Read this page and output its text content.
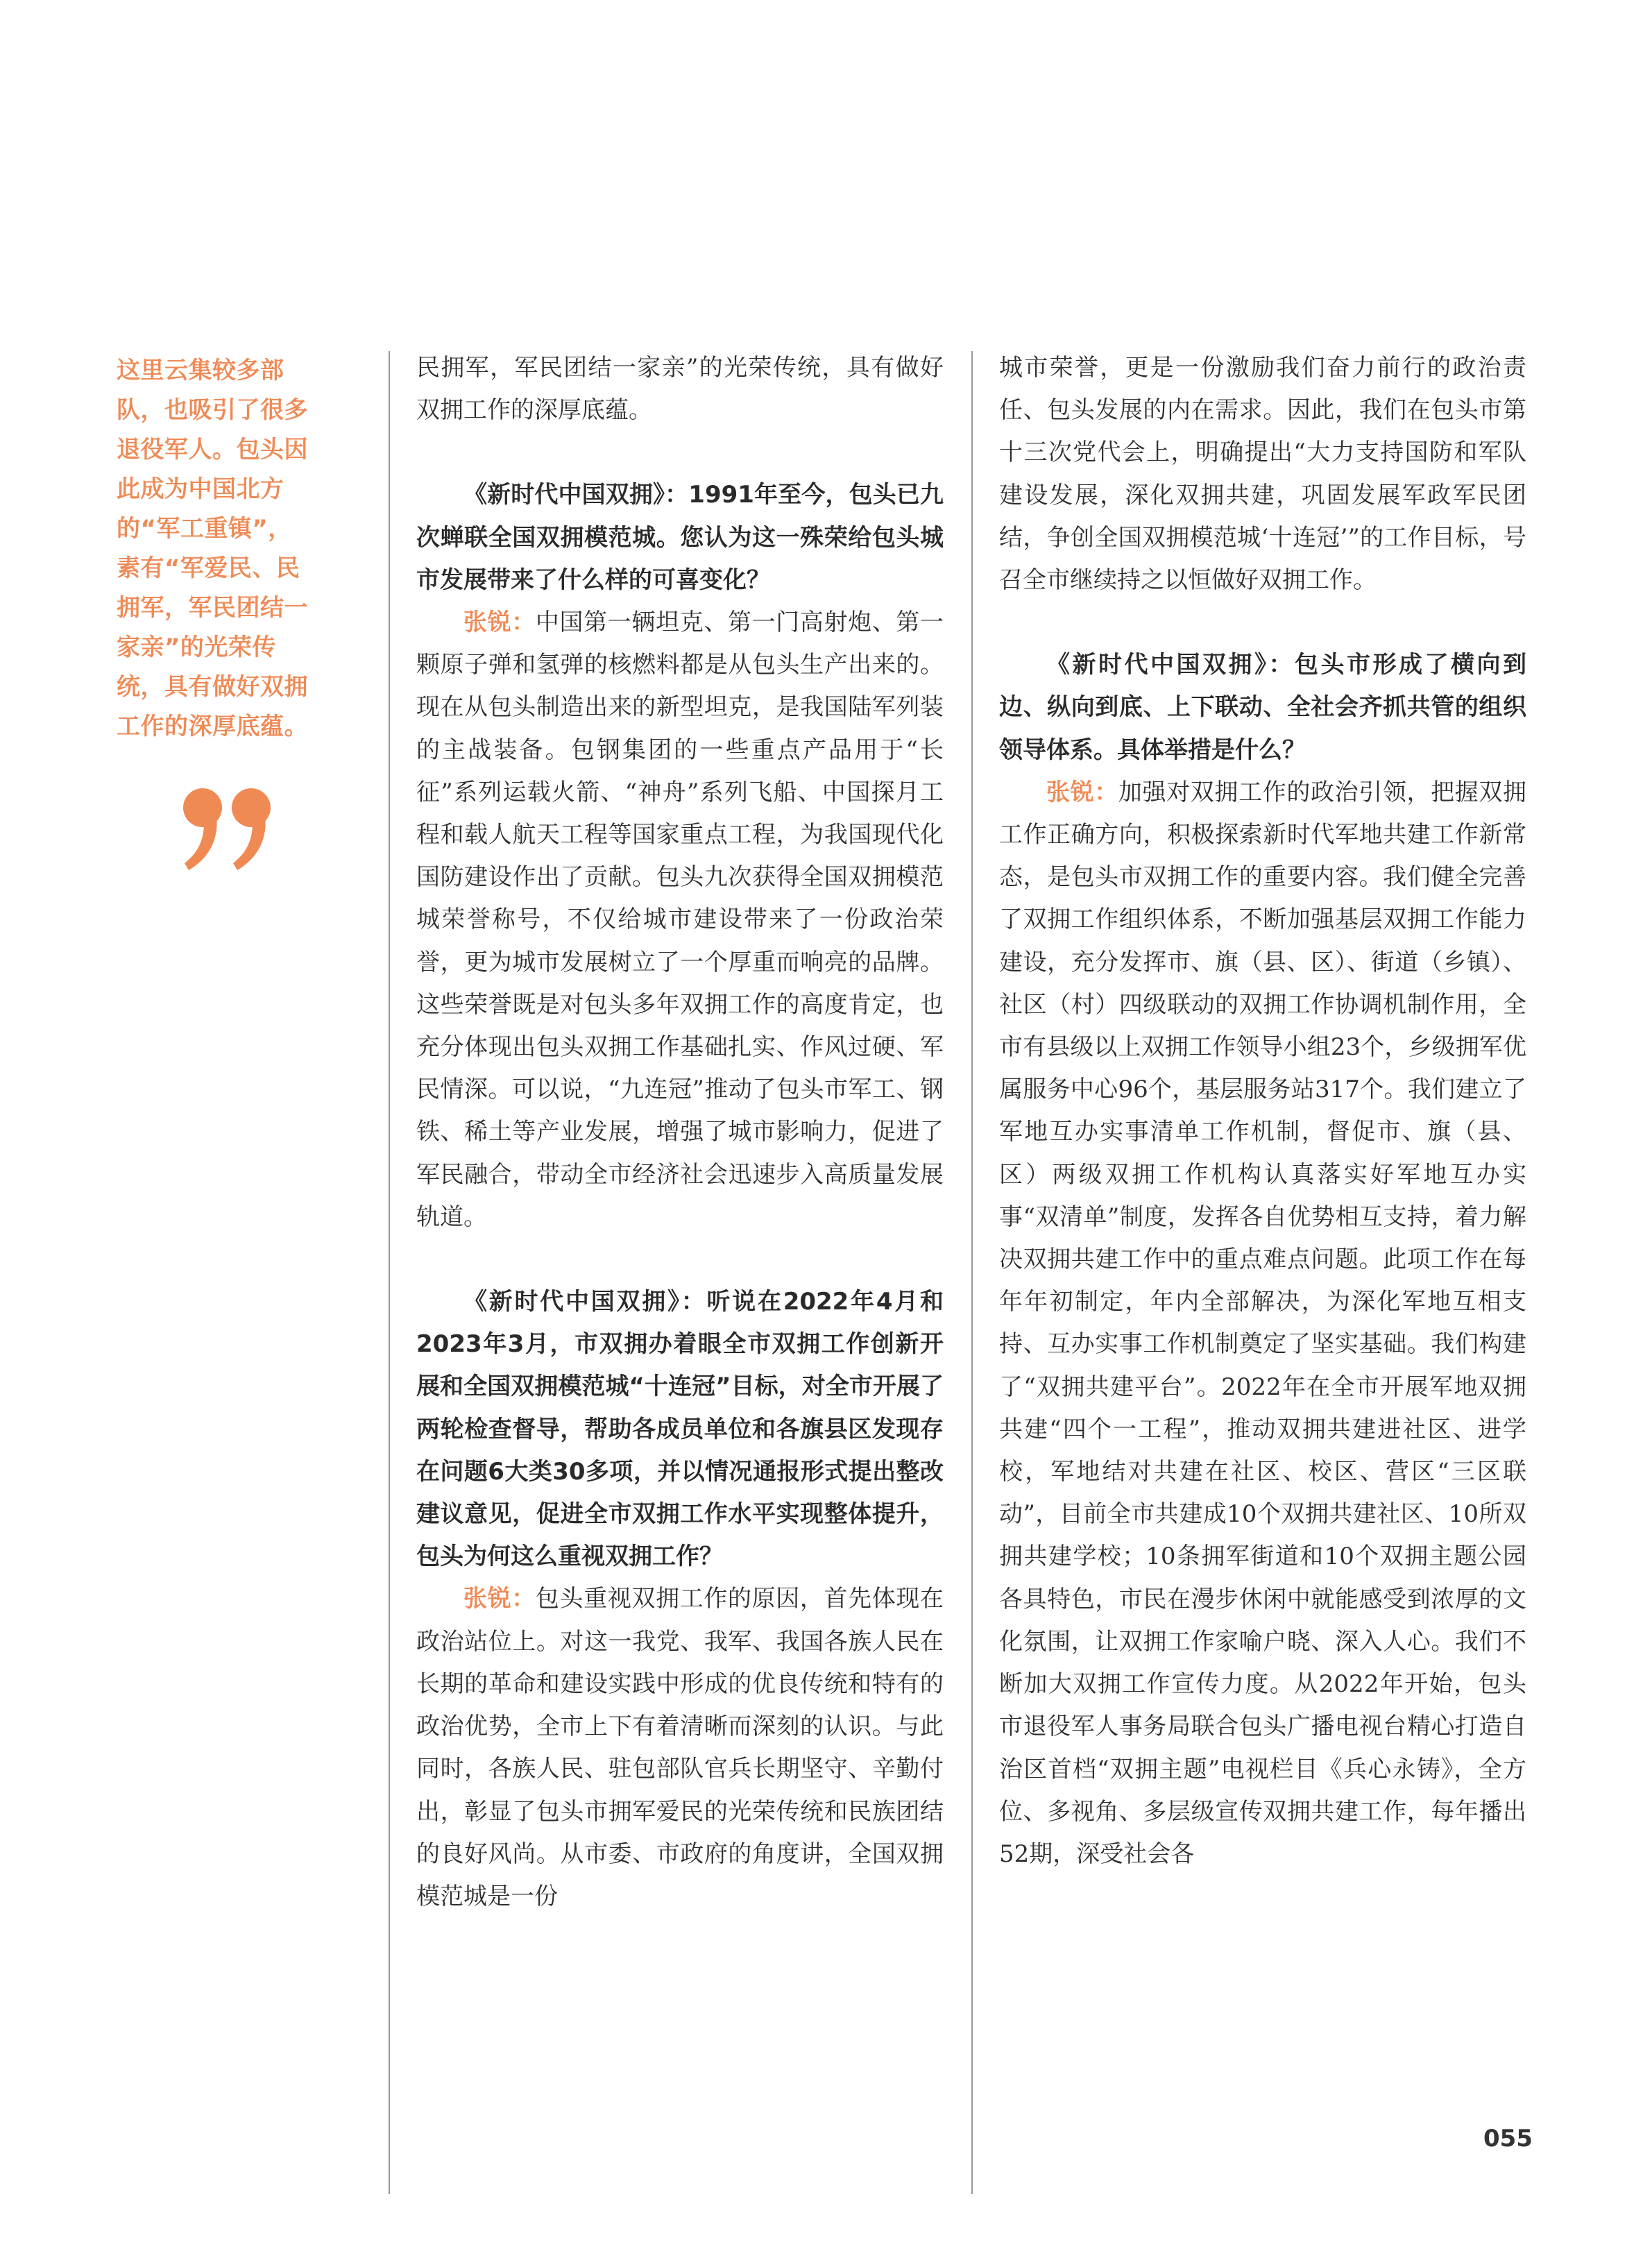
这里云集较多部队，也吸引了很多退役军人。包头因此成为中国北方的“军工重镇”，素有“军爱民、民拥军，军民团结一家亲”的光荣传统，具有做好双拥工作的深厚底蕴。

民拥军，军民团结一家亲”的光荣传统，具有做好双拥工作的深厚底蕴。

《新时代中国双拥》：1991年至今，包头已九次蝉联全国双拥模范城。您认为这一殊荣给包头城市发展带来了什么样的可喜变化？

张锐：中国第一辆坦克、第一门高射炮、第一颗原子弹和氢弹的核燃料都是从包头生产出来的。现在从包头制造出来的新型坦克，是我国陆军列装的主战装备。包钢集团的一些重点产品用于“长征”系列运载火箭、“神舟”系列飞船、中国探月工程和载人航天工程等国家重点工程，为我国现代化国防建设作出了贡献。包头九次获得全国双拥模范城荣誉称号，不仅给城市建设带来了一份政治荣誉，更为城市发展树立了一个厚重而响亮的品牌。这些荣誉既是对包头多年双拥工作的高度肯定，也充分体现出包头双拥工作基础扎实、作风过硬、军民情深。可以说，“九连冠”推动了包头市军工、钢铁、稀土等产业发展，增强了城市影响力，促进了军民融合，带动全市经济社会迅速步入高质量发展轨道。

《新时代中国双拥》：听说在2022年4月和2023年3月，市双拥办着眼全市双拥工作创新开展和全国双拥模范城“十连冠”目标，对全市开展了两轮检查督导，帮助各成员单位和各旗县区发现存在问题6大类30多项，并以情况通报形式提出整改建议意见，促进全市双拥工作水平实现整体提升，包头为何这么重视双拥工作？

张锐：包头重视双拥工作的原因，首先体现在政治站位上。对这一我党、我军、我国各族人民在长期的革命和建设实践中形成的优良传统和特有的政治优势，全市上下有着清晰而深刻的认识。与此同时，各族人民、驻包部队官兵长期坚守、辛勤付出，彰显了包头市拥军爱民的光荣传统和民族团结的良好风尚。从市委、市政府的角度讲，全国双拥模范城是一份

城市荣誉，更是一份激励我们奋力前行的政治责任、包头发展的内在需求。因此，我们在包头市第十三次党代会上，明确提出“大力支持国防和军队建设发展，深化双拥共建，巩固发展军政军民团结，争创全国双拥模范城‘十连冠’”的工作目标，号召全市继续持之以恒做好双拥工作。

《新时代中国双拥》：包头市形成了横向到边、纵向到底、上下联动、全社会齐抓共管的组织领导体系。具体举措是什么？

张锐：加强对双拥工作的政治引领，把握双拥工作正确方向，积极探索新时代军地共建工作新常态，是包头市双拥工作的重要内容。我们健全完善了双拥工作组织体系，不断加强基层双拥工作能力建设，充分发挥市、旗（县、区）、街道（乡镇）、社区（村）四级联动的双拥工作协调机制作用，全市有县级以上双拥工作领导小组23个，乡级拥军优属服务中心96个，基层服务站317个。我们建立了军地互办实事清单工作机制，督促市、旗（县、区）两级双拥工作机构认真落实好军地互办实事“双清单”制度，发挥各自优势相互支持，着力解决双拥共建工作中的重点难点问题。此项工作在每年年初制定，年内全部解决，为深化军地互相支持、互办实事工作机制奠定了坚实基础。我们构建了“双拥共建平台”。2022年在全市开展军地双拥共建“四个一工程”，推动双拥共建进社区、进学校，军地结对共建在社区、校区、营区“三区联动”，目前全市共建成10个双拥共建社区、10所双拥共建学校；10条拥军街道和10个双拥主题公园各具特色，市民在漫步休闲中就能感受到浓厚的文化氛围，让双拥工作家喻户晓、深入人心。我们不断加大双拥工作宣传力度。从2022年开始，包头市退役军人事务局联合包头广播电视台精心打造自治区首档“双拥主题”电视栏目《兵心永铸》，全方位、多视角、多层级宣传双拥共建工作，每年播出52期，深受社会各

055
